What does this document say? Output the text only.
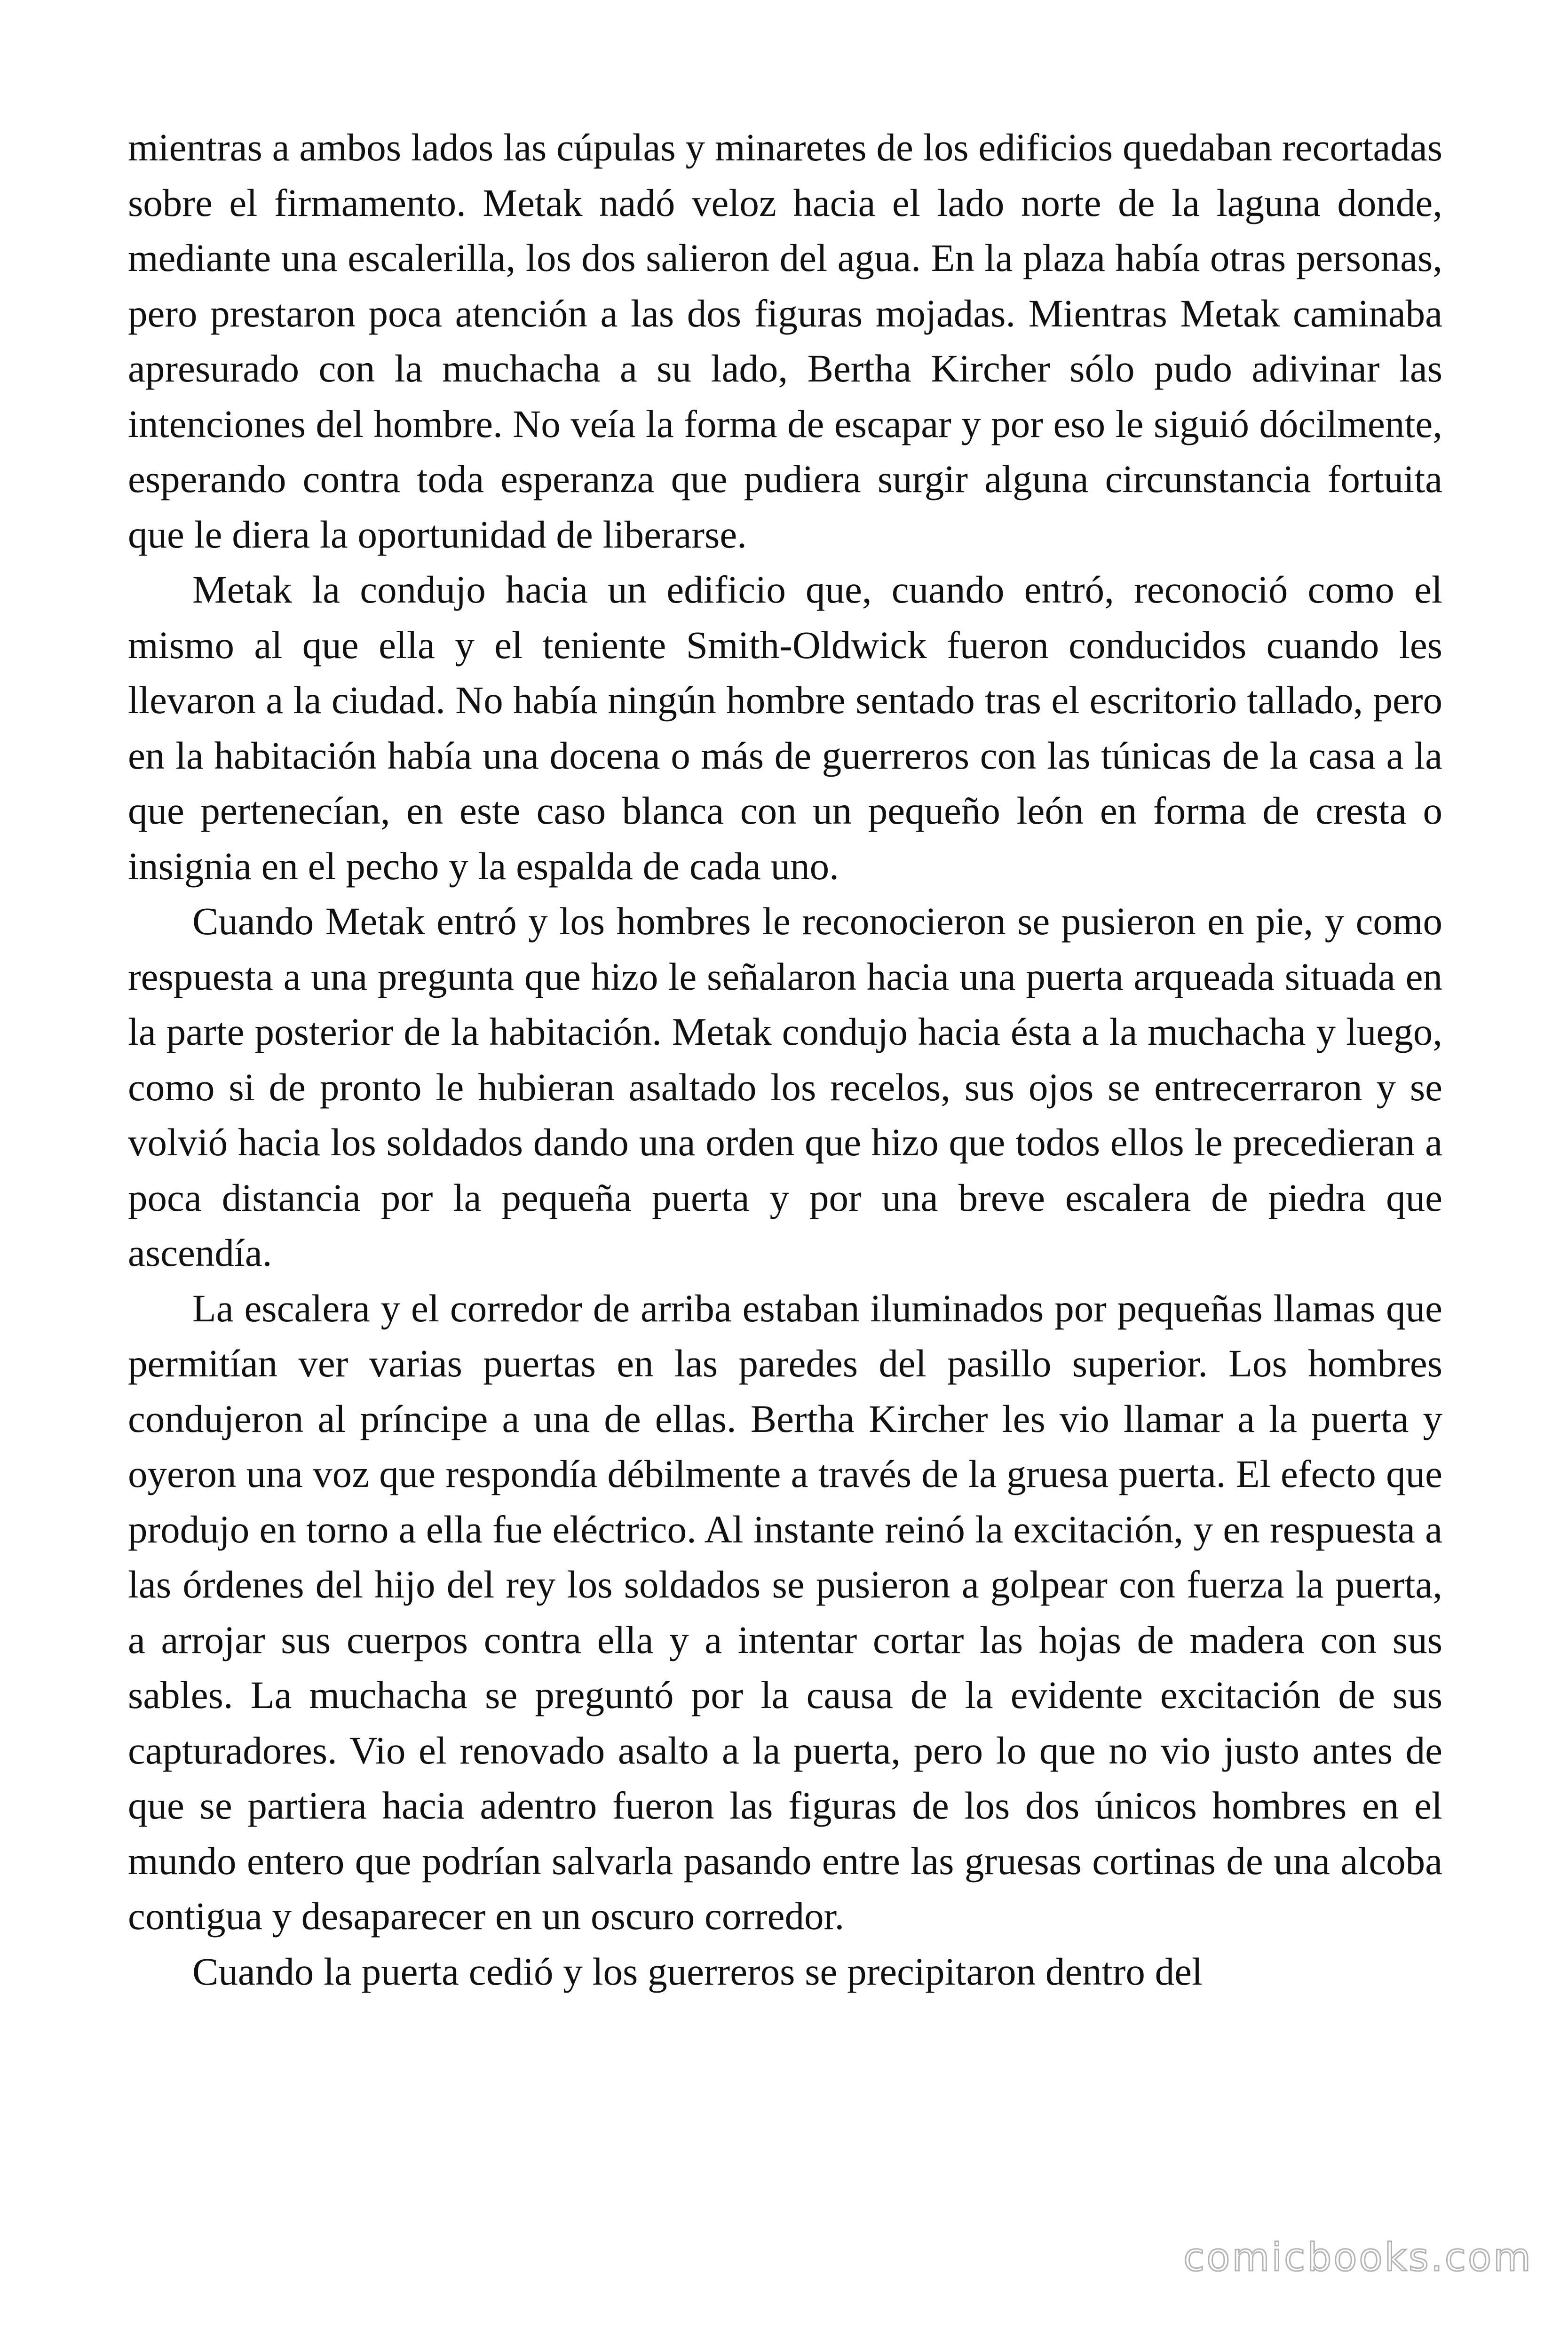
mientras a ambos lados las cúpulas y minaretes de los edificios quedaban recortadas sobre el firmamento. Metak nadó veloz hacia el lado norte de la laguna donde, mediante una escalerilla, los dos salieron del agua. En la plaza había otras personas, pero prestaron poca atención a las dos figuras mojadas. Mientras Metak caminaba apresurado con la muchacha a su lado, Bertha Kircher sólo pudo adivinar las intenciones del hombre. No veía la forma de escapar y por eso le siguió dócilmente, esperando contra toda esperanza que pudiera surgir alguna circunstancia fortuita que le diera la oportunidad de liberarse.

Metak la condujo hacia un edificio que, cuando entró, reconoció como el mismo al que ella y el teniente Smith-Oldwick fueron conducidos cuando les llevaron a la ciudad. No había ningún hombre sentado tras el escritorio tallado, pero en la habitación había una docena o más de guerreros con las túnicas de la casa a la que pertenecían, en este caso blanca con un pequeño león en forma de cresta o insignia en el pecho y la espalda de cada uno.

Cuando Metak entró y los hombres le reconocieron se pusieron en pie, y como respuesta a una pregunta que hizo le señalaron hacia una puerta arqueada situada en la parte posterior de la habitación. Metak condujo hacia ésta a la muchacha y luego, como si de pronto le hubieran asaltado los recelos, sus ojos se entrecerraron y se volvió hacia los soldados dando una orden que hizo que todos ellos le precedieran a poca distancia por la pequeña puerta y por una breve escalera de piedra que ascendía.

La escalera y el corredor de arriba estaban iluminados por pequeñas llamas que permitían ver varias puertas en las paredes del pasillo superior. Los hombres condujeron al príncipe a una de ellas. Bertha Kircher les vio llamar a la puerta y oyeron una voz que respondía débilmente a través de la gruesa puerta. El efecto que produjo en torno a ella fue eléctrico. Al instante reinó la excitación, y en respuesta a las órdenes del hijo del rey los soldados se pusieron a golpear con fuerza la puerta, a arrojar sus cuerpos contra ella y a intentar cortar las hojas de madera con sus sables. La muchacha se preguntó por la causa de la evidente excitación de sus capturadores. Vio el renovado asalto a la puerta, pero lo que no vio justo antes de que se partiera hacia adentro fueron las figuras de los dos únicos hombres en el mundo entero que podrían salvarla pasando entre las gruesas cortinas de una alcoba contigua y desaparecer en un oscuro corredor.

Cuando la puerta cedió y los guerreros se precipitaron dentro del

comicbooks.com
